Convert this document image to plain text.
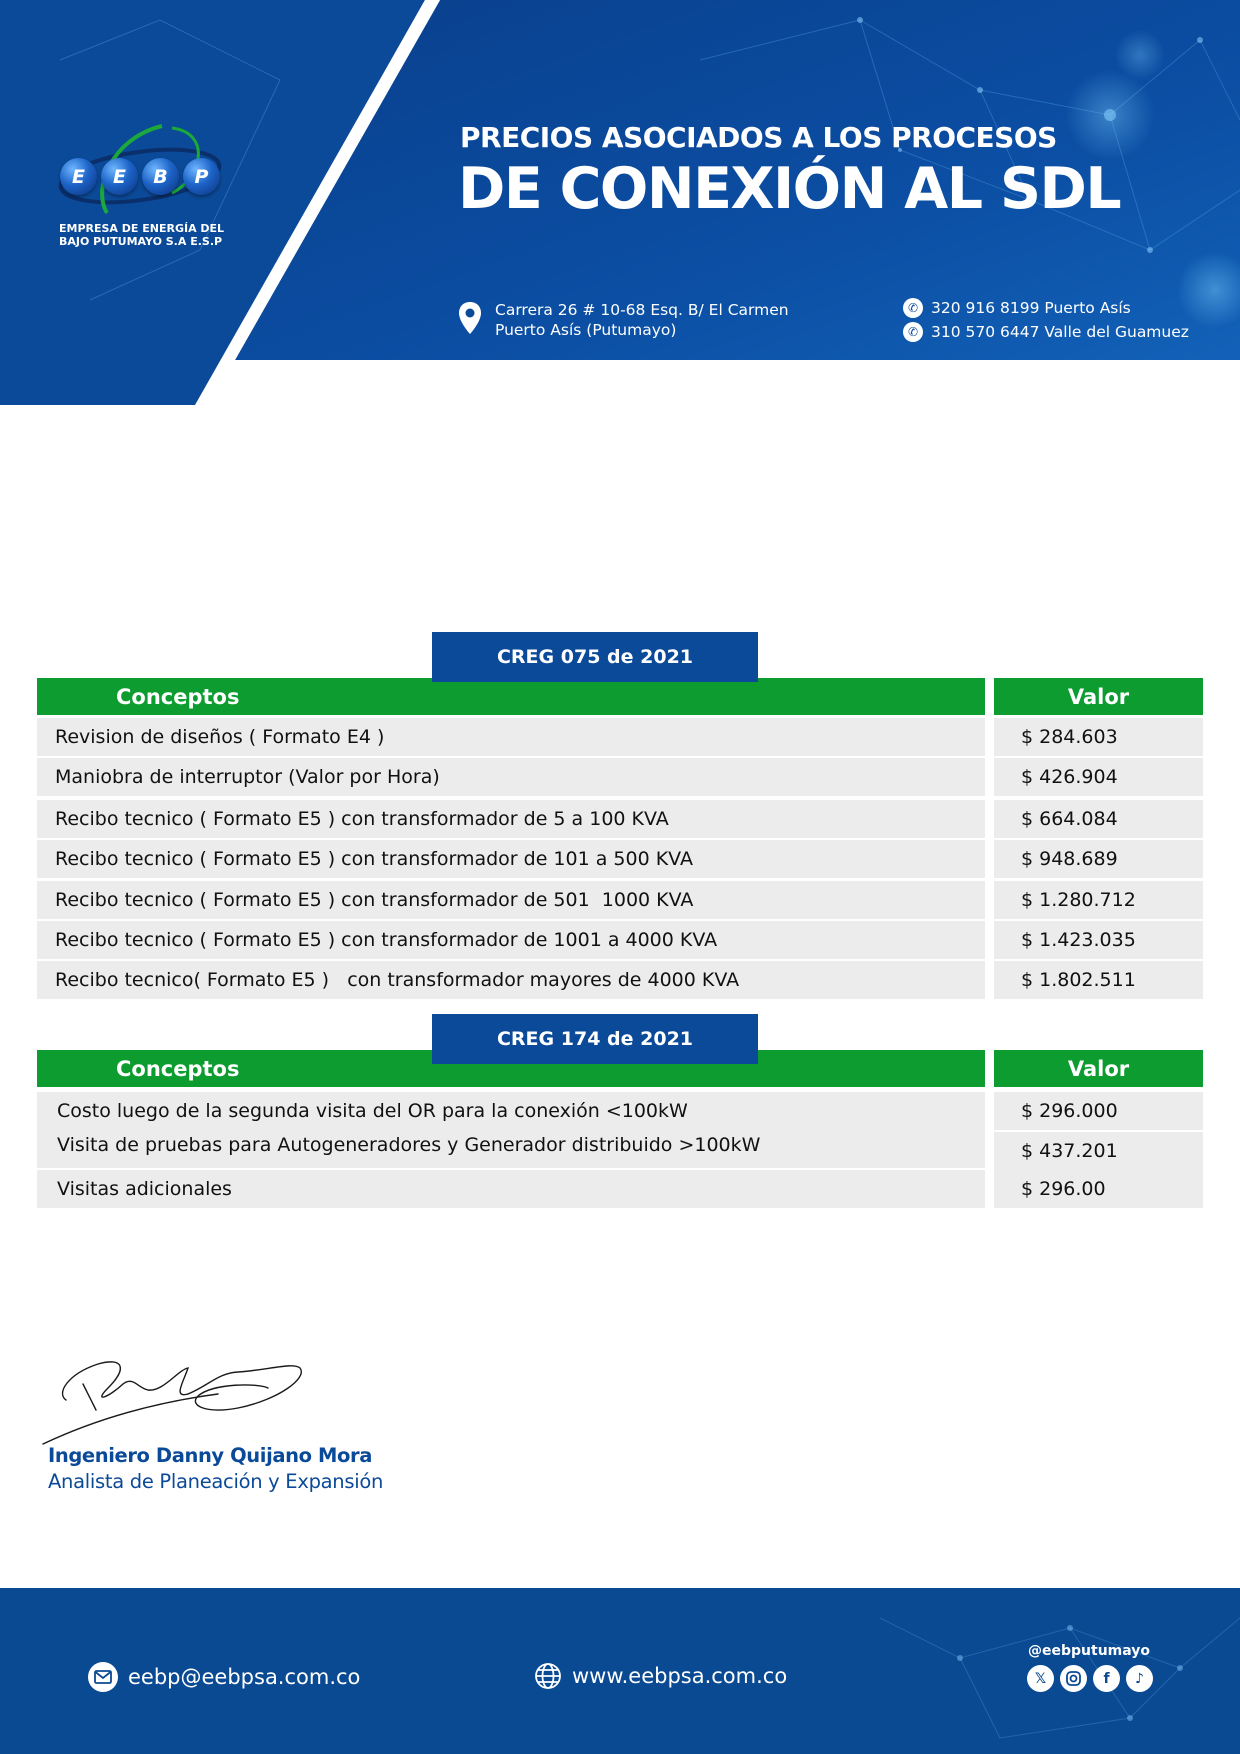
E	E	B	P
EMPRESA DE ENERGÍA DEL
BAJO PUTUMAYO S.A E.S.P
PRECIOS ASOCIADOS A LOS PROCESOS
DE CONEXIÓN AL SDL
Carrera 26 # 10-68 Esq. B/ El Carmen
Puerto Asís (Putumayo)
✆ 320 916 8199 Puerto Asís
✆ 310 570 6447 Valle del Guamuez
Conceptos	Valor
CREG 075 de 2021
Revision de diseños ( Formato E4 )	$ 284.603
Maniobra de interruptor (Valor por Hora)	$ 426.904
Recibo tecnico ( Formato E5 ) con transformador de 5 a 100 KVA	$ 664.084
Recibo tecnico ( Formato E5 ) con transformador de 101 a 500 KVA	$ 948.689
Recibo tecnico ( Formato E5 ) con transformador de 501  1000 KVA	$ 1.280.712
Recibo tecnico ( Formato E5 ) con transformador de 1001 a 4000 KVA	$ 1.423.035
Recibo tecnico( Formato E5 )   con transformador mayores de 4000 KVA	$ 1.802.511
Conceptos	Valor
CREG 174 de 2021
Costo luego de la segunda visita del OR para la conexión <100kW	$ 296.000
Visita de pruebas para Autogeneradores y Generador distribuido >100kW	$ 437.201
Visitas adicionales	$ 296.00
Ingeniero Danny Quijano Mora
Analista de Planeación y Expansión
eebp@eebpsa.com.co	www.eebpsa.com.co
@eebputumayo
𝕏	f	♪
